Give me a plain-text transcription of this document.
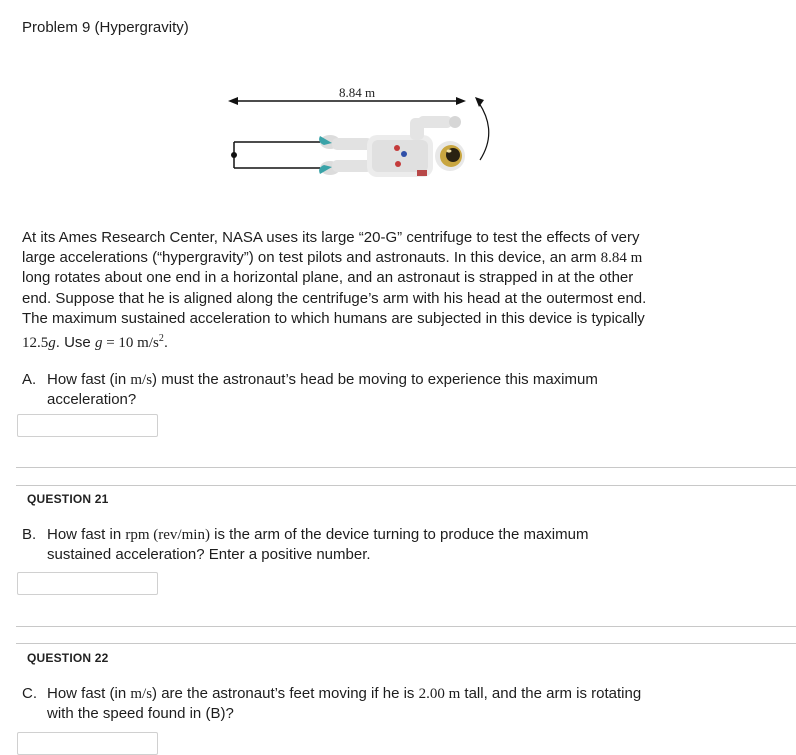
Problem 9 (Hypergravity)
8.84 m
At its Ames Research Center, NASA uses its large “20-G” centrifuge to test the effects of very
large accelerations (“hypergravity”) on test pilots and astronauts. In this device, an arm 8.84 m
long rotates about one end in a horizontal plane, and an astronaut is strapped in at the other
end. Suppose that he is aligned along the centrifuge’s arm with his head at the outermost end.
The maximum sustained acceleration to which humans are subjected in this device is typically
12.5g. Use g = 10 $m/s^2$.
A. How fast (in m/s) must the astronaut’s head be moving to experience this maximum
acceleration?
QUESTION 21
B. How fast in rpm (rev/min) is the arm of the device turning to produce the maximum
sustained acceleration? Enter a positive number.
QUESTION 22
C. How fast (in m/s) are the astronaut’s feet moving if he is 2.00 m tall, and the arm is rotating
with the speed found in (B)?
